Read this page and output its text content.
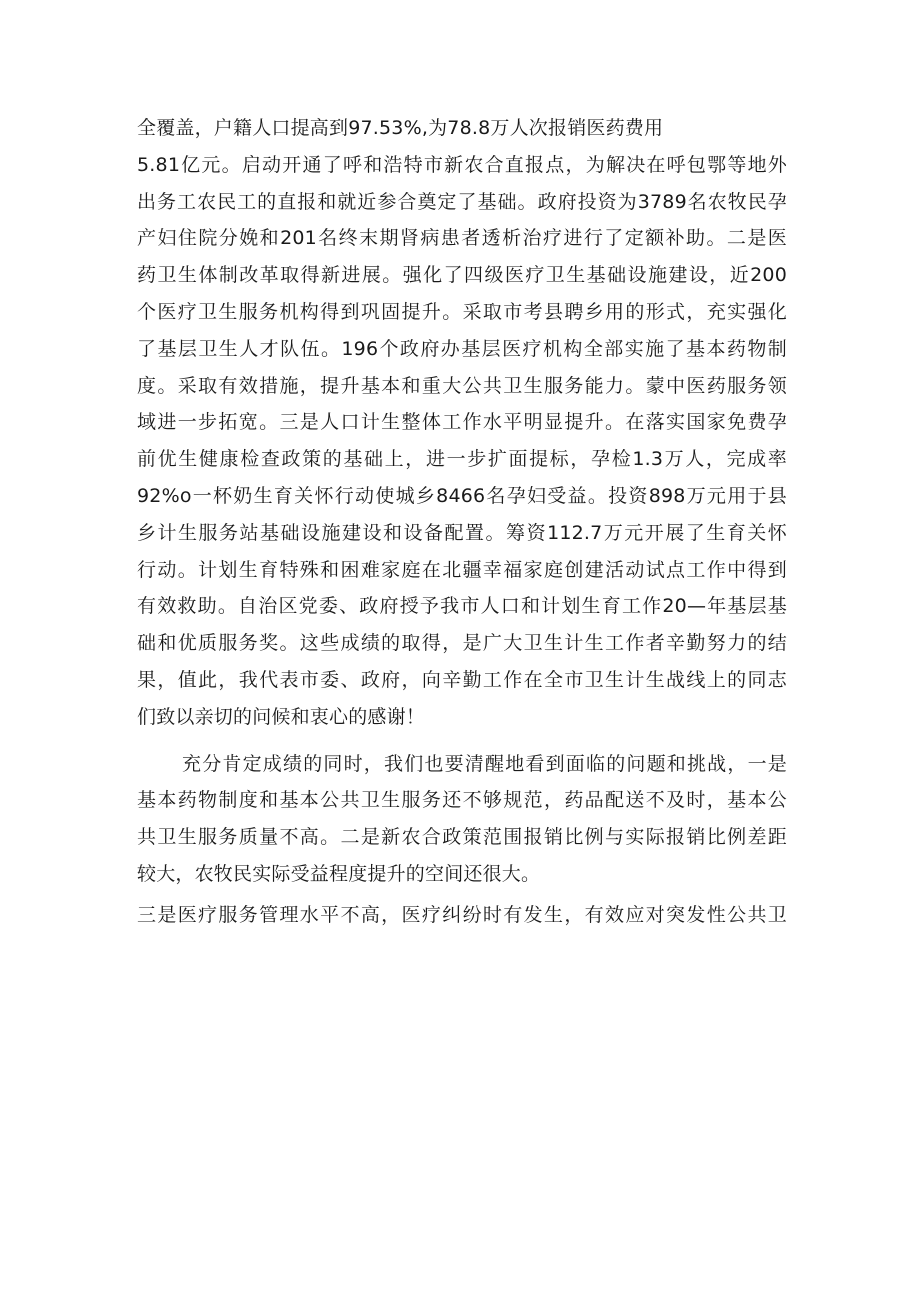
全覆盖，户籍人口提高到97.53%,为78.8万人次报销医药费用
5.81亿元。启动开通了呼和浩特市新农合直报点，为解决在呼包鄂等地外
出务工农民工的直报和就近参合奠定了基础。政府投资为3789名农牧民孕
产妇住院分娩和201名终末期肾病患者透析治疗进行了定额补助。二是医
药卫生体制改革取得新进展。强化了四级医疗卫生基础设施建设，近200
个医疗卫生服务机构得到巩固提升。采取市考县聘乡用的形式，充实强化
了基层卫生人才队伍。196个政府办基层医疗机构全部实施了基本药物制
度。采取有效措施，提升基本和重大公共卫生服务能力。蒙中医药服务领
域进一步拓宽。三是人口计生整体工作水平明显提升。在落实国家免费孕
前优生健康检查政策的基础上，进一步扩面提标，孕检1.3万人，完成率
92%o一杯奶生育关怀行动使城乡8466名孕妇受益。投资898万元用于县
乡计生服务站基础设施建设和设备配置。筹资112.7万元开展了生育关怀
行动。计划生育特殊和困难家庭在北疆幸福家庭创建活动试点工作中得到
有效救助。自治区党委、政府授予我市人口和计划生育工作20—年基层基
础和优质服务奖。这些成绩的取得，是广大卫生计生工作者辛勤努力的结
果，值此，我代表市委、政府，向辛勤工作在全市卫生计生战线上的同志
们致以亲切的问候和衷心的感谢！
充分肯定成绩的同时，我们也要清醒地看到面临的问题和挑战，一是
基本药物制度和基本公共卫生服务还不够规范，药品配送不及时，基本公
共卫生服务质量不高。二是新农合政策范围报销比例与实际报销比例差距
较大，农牧民实际受益程度提升的空间还很大。
三是医疗服务管理水平不高，医疗纠纷时有发生，有效应对突发性公共卫
